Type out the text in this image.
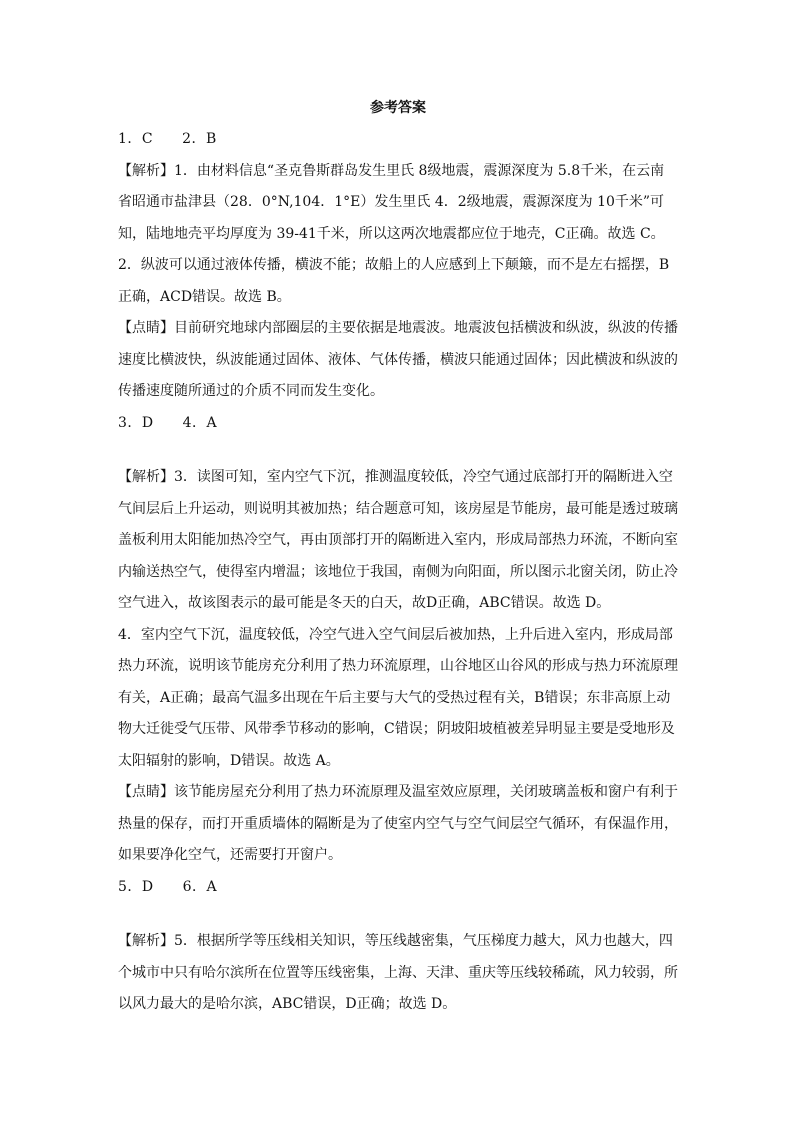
参考答案
1．C　　2．B
【解析】1．由材料信息“圣克鲁斯群岛发生里氏 8级地震，震源深度为 5.8千米，在云南省昭通市盐津县（28．0°N,104．1°E）发生里氏 4．2级地震，震源深度为 10千米”可知，陆地地壳平均厚度为 39-41千米，所以这两次地震都应位于地壳，C正确。故选 C。
2．纵波可以通过液体传播，横波不能；故船上的人应感到上下颠簸，而不是左右摇摆，B正确，ACD错误。故选 B。
【点睛】目前研究地球内部圈层的主要依据是地震波。地震波包括横波和纵波，纵波的传播速度比横波快，纵波能通过固体、液体、气体传播，横波只能通过固体；因此横波和纵波的传播速度随所通过的介质不同而发生变化。
3．D　　4．A
【解析】3．读图可知，室内空气下沉，推测温度较低，冷空气通过底部打开的隔断进入空气间层后上升运动，则说明其被加热；结合题意可知，该房屋是节能房，最可能是透过玻璃盖板利用太阳能加热冷空气，再由顶部打开的隔断进入室内，形成局部热力环流，不断向室内输送热空气，使得室内增温；该地位于我国，南侧为向阳面，所以图示北窗关闭，防止冷空气进入，故该图表示的最可能是冬天的白天，故D正确，ABC错误。故选 D。
4．室内空气下沉，温度较低，冷空气进入空气间层后被加热，上升后进入室内，形成局部热力环流，说明该节能房充分利用了热力环流原理，山谷地区山谷风的形成与热力环流原理有关，A正确；最高气温多出现在午后主要与大气的受热过程有关，B错误；东非高原上动物大迁徙受气压带、风带季节移动的影响，C错误；阴坡阳坡植被差异明显主要是受地形及太阳辐射的影响，D错误。故选 A。
【点睛】该节能房屋充分利用了热力环流原理及温室效应原理，关闭玻璃盖板和窗户有利于热量的保存，而打开重质墙体的隔断是为了使室内空气与空气间层空气循环，有保温作用，如果要净化空气，还需要打开窗户。
5．D　　6．A
【解析】5．根据所学等压线相关知识，等压线越密集，气压梯度力越大，风力也越大，四个城市中只有哈尔滨所在位置等压线密集，上海、天津、重庆等压线较稀疏，风力较弱，所以风力最大的是哈尔滨，ABC错误，D正确；故选 D。
